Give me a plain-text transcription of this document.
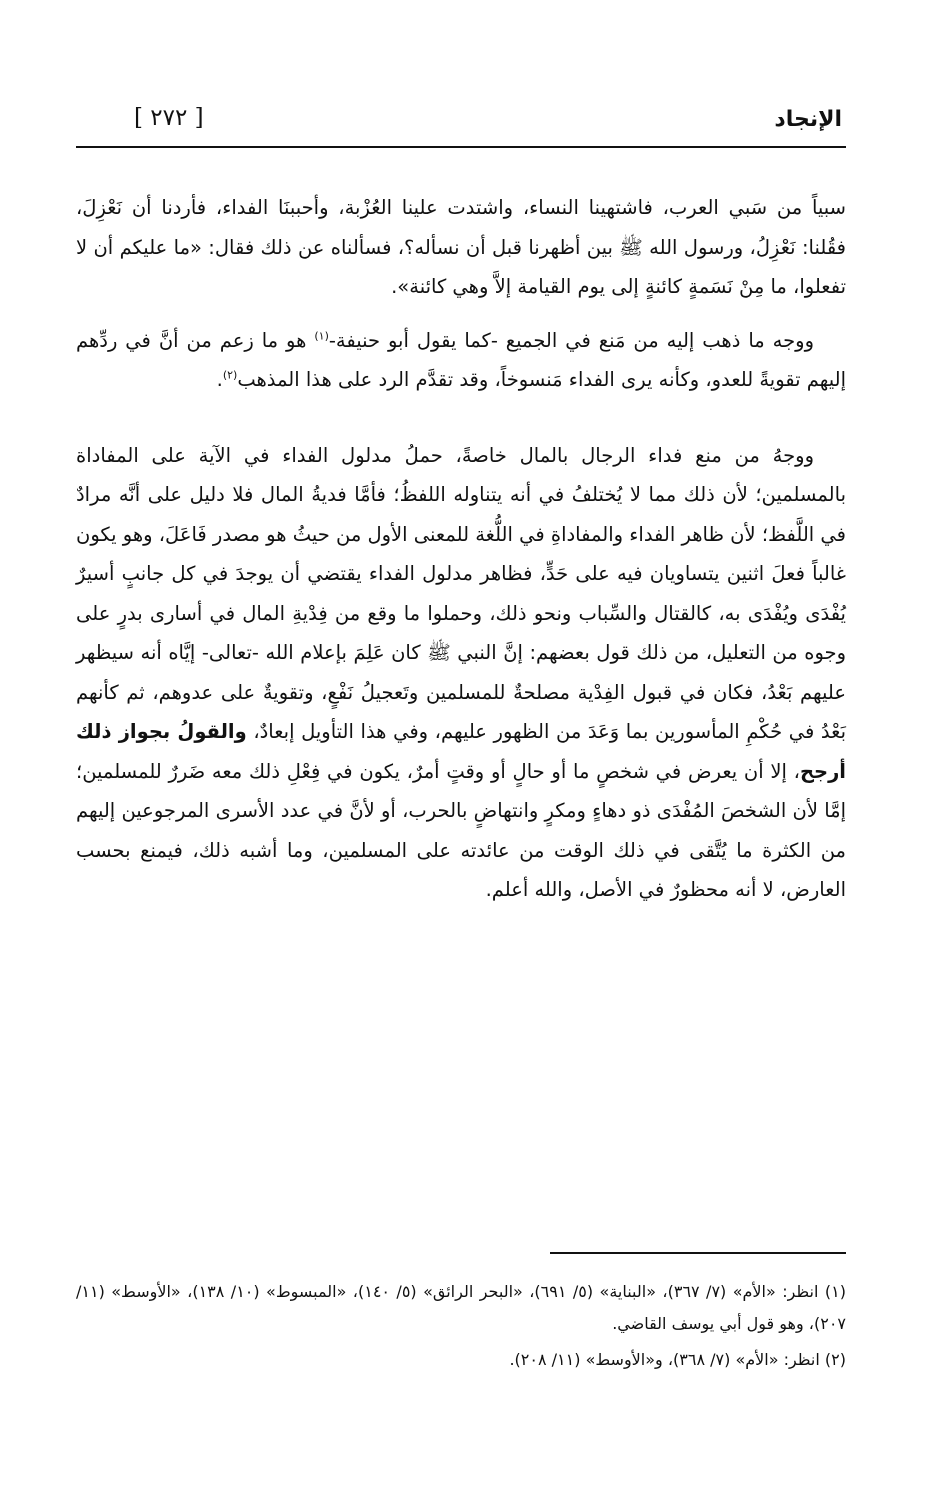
الإنجاد
[ ٢٧٢ ]

سبياً من سَبي العرب، فاشتهينا النساء، واشتدت علينا العُزْبة، وأحببنَا الفداء، فأردنا أن نَعْزِلَ، فقُلنا: نَعْزِلُ، ورسول الله ﷺ بين أظهرنا قبل أن نسأله؟، فسألناه عن ذلك فقال: «ما عليكم أن لا تفعلوا، ما مِنْ نَسَمةٍ كائنةٍ إلى يوم القيامة إلاَّ وهي كائنة».

ووجه ما ذهب إليه من مَنع في الجميع -كما يقول أبو حنيفة-$^{(١)}$ هو ما زعم من أنَّ في ردِّهم إليهم تقويةً للعدو، وكأنه يرى الفداء مَنسوخاً، وقد تقدَّم الرد على هذا المذهب$^{(٢)}$.

ووجهُ من منع فداء الرجال بالمال خاصةً، حملُ مدلول الفداء في الآية على المفاداة بالمسلمين؛ لأن ذلك مما لا يُختلفُ في أنه يتناوله اللفظُ؛ فأمَّا فديةُ المال فلا دليل على أنَّه مرادٌ في اللَّفظ؛ لأن ظاهر الفداء والمفاداةِ في اللُّغة للمعنى الأول من حيثُ هو مصدر فَاعَلَ، وهو يكون غالباً فعلَ اثنين يتساويان فيه على حَدٍّ، فظاهر مدلول الفداء يقتضي أن يوجدَ في كل جانبٍ أسيرٌ يُفْدَى ويُفْدَى به، كالقتال والسِّباب ونحو ذلك، وحملوا ما وقع من فِدْيةِ المال في أسارى بدرٍ على وجوه من التعليل، من ذلك قول بعضهم: إنَّ النبي ﷺ كان عَلِمَ بإعلام الله -تعالى- إيَّاه أنه سيظهر عليهم بَعْدُ، فكان في قبول الفِدْية مصلحةٌ للمسلمين وتَعجيلُ نَفْعٍ، وتقويةٌ على عدوهم، ثم كأنهم بَعْدُ في حُكْمِ المأسورين بما وَعَدَ من الظهور عليهم، وفي هذا التأويل إبعادٌ، والقولُ بجواز ذلك أرجح، إلا أن يعرض في شخصٍ ما أو حالٍ أو وقتٍ أمرٌ، يكون في فِعْلِ ذلك معه ضَررٌ للمسلمين؛ إمَّا لأن الشخصَ المُفْدَى ذو دهاءٍ ومكرٍ وانتهاضٍ بالحرب، أو لأنَّ في عدد الأسرى المرجوعين إليهم من الكثرة ما يُتَّقى في ذلك الوقت من عائدته على المسلمين، وما أشبه ذلك، فيمنع بحسب العارض، لا أنه محظورٌ في الأصل، والله أعلم.

(١) انظر: «الأم» (٧/ ٣٦٧)، «البناية» (٥/ ٦٩١)، «البحر الرائق» (٥/ ١٤٠)، «المبسوط» (١٠/ ١٣٨)، «الأوسط» (١١/ ٢٠٧)، وهو قول أبي يوسف القاضي.

(٢) انظر: «الأم» (٧/ ٣٦٨)، و«الأوسط» (١١/ ٢٠٨).
